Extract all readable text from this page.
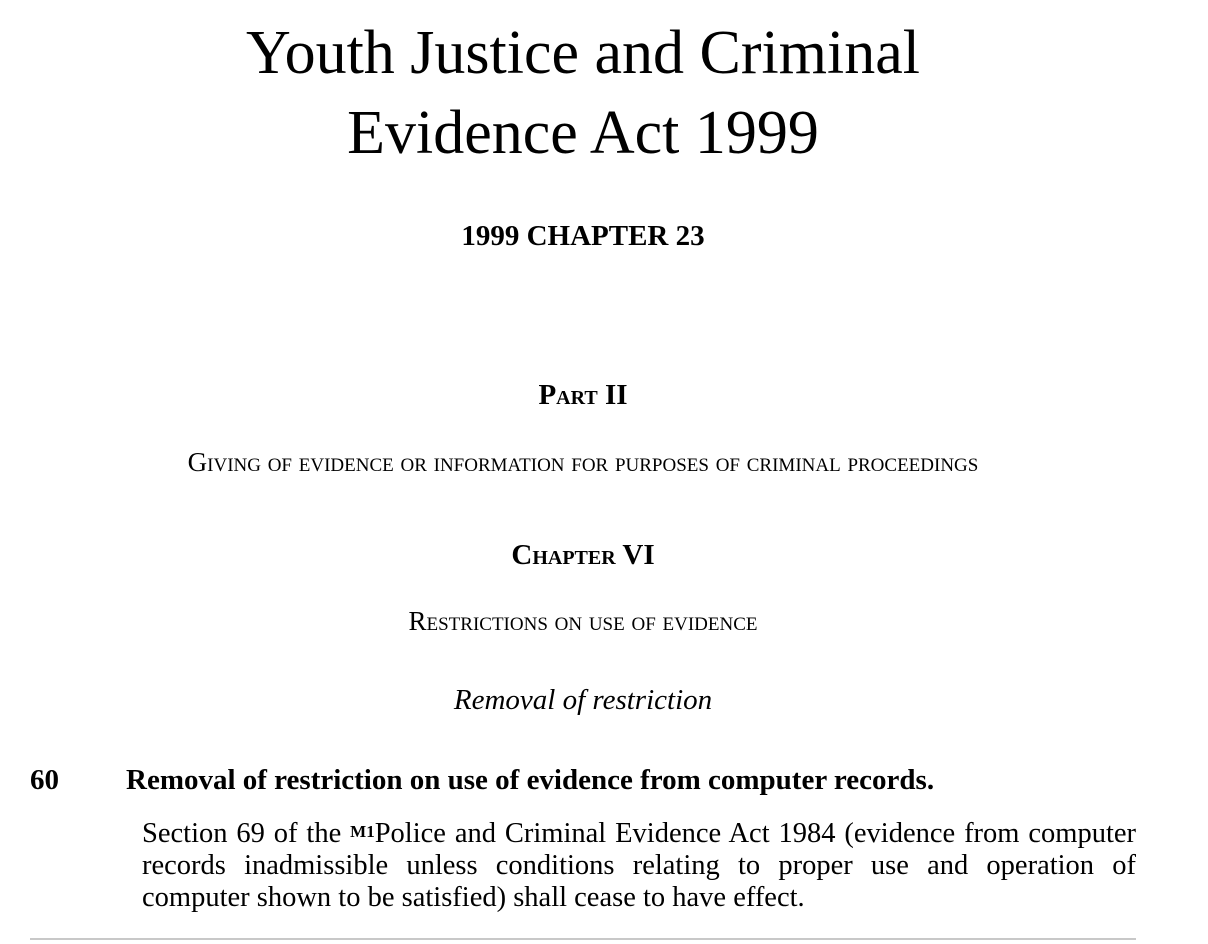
Youth Justice and Criminal
Evidence Act 1999
1999 CHAPTER 23
Part II
Giving of evidence or information for purposes of criminal proceedings
Chapter VI
Restrictions on use of evidence
Removal of restriction
60 Removal of restriction on use of evidence from computer records.

Section 69 of the $^{M1}$Police and Criminal Evidence Act 1984 (evidence from computer records inadmissible unless conditions relating to proper use and operation of computer shown to be satisfied) shall cease to have effect.
